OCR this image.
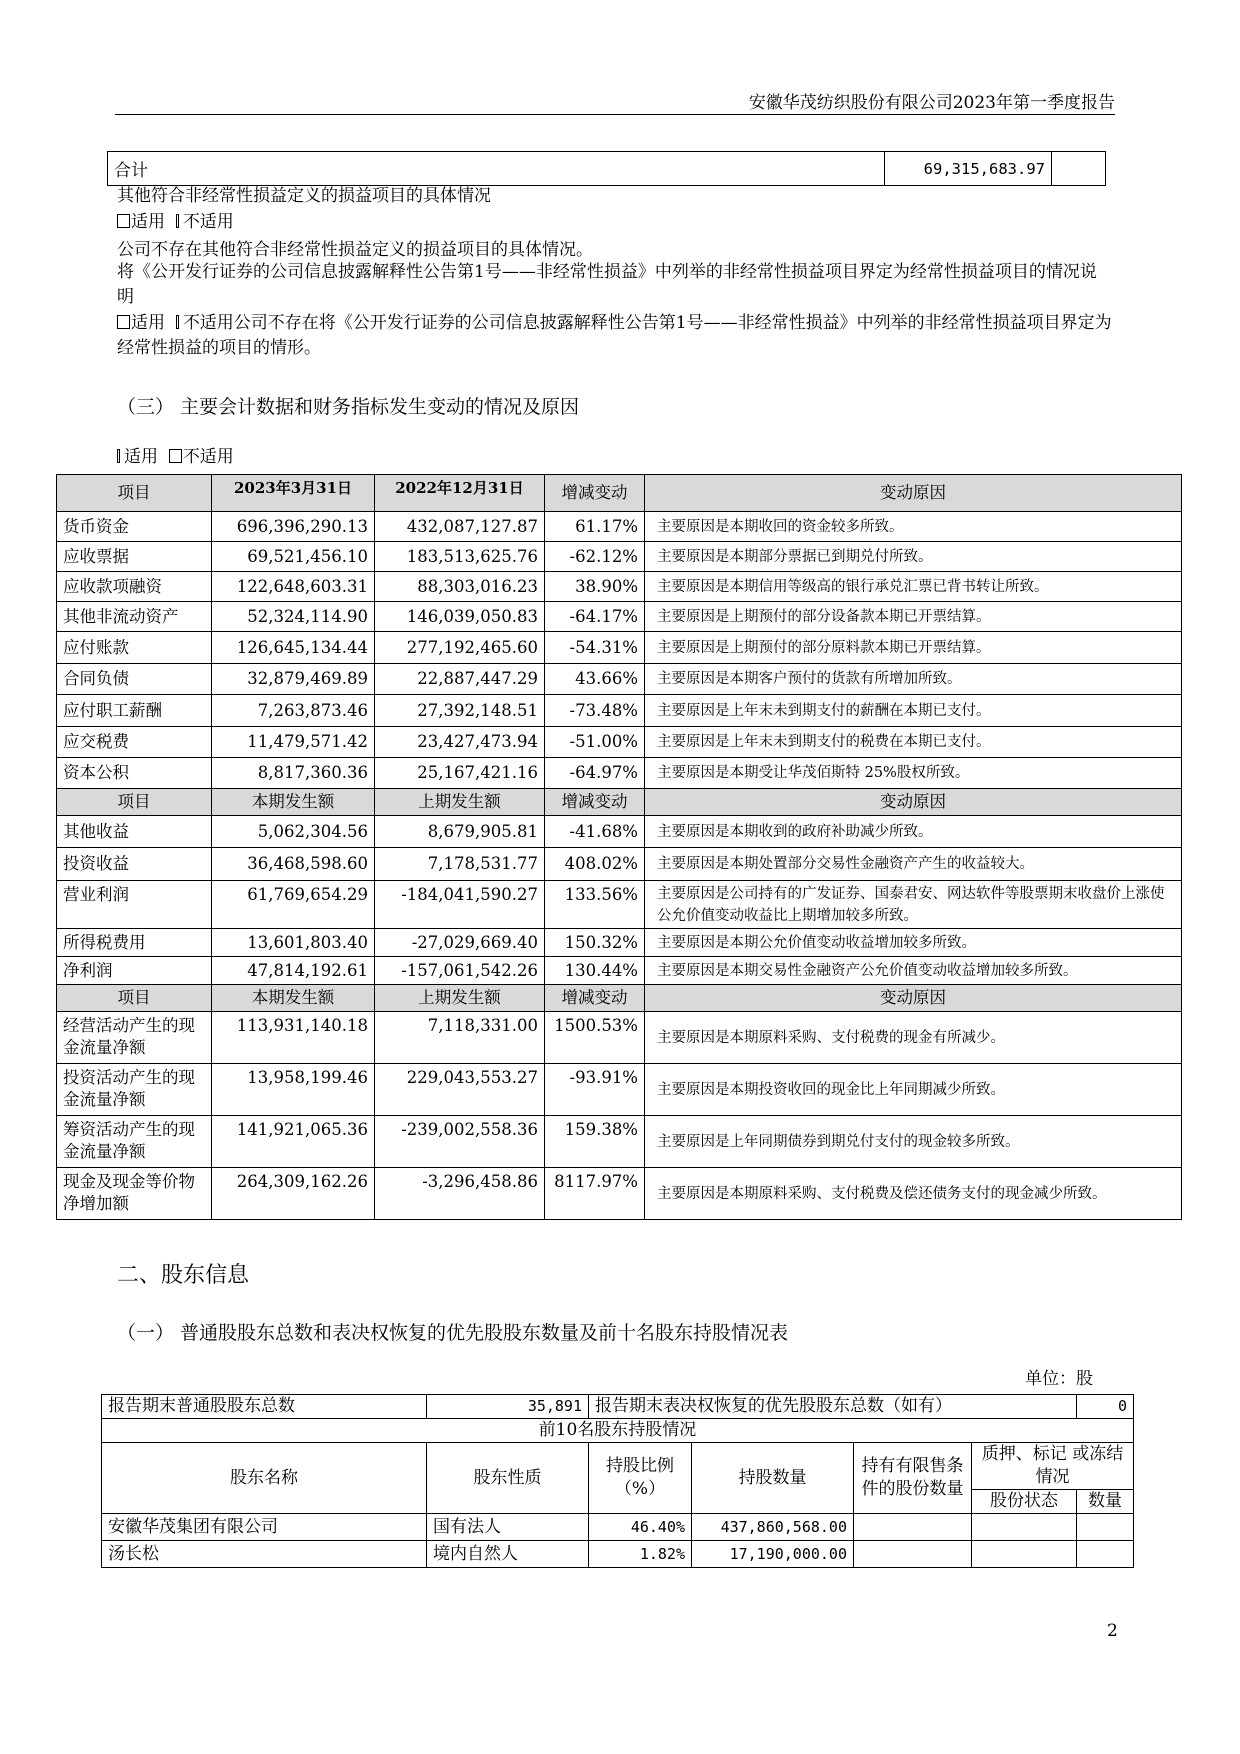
安徽华茂纺织股份有限公司2023年第一季度报告
合计	69,315,683.97	
其他符合非经常性损益定义的损益项目的具体情况
适用 不适用
公司不存在其他符合非经常性损益定义的损益项目的具体情况。
将《公开发行证券的公司信息披露解释性公告第1号——非经常性损益》中列举的非经常性损益项目界定为经常性损益项目的情况说明
适用 不适用公司不存在将《公开发行证券的公司信息披露解释性公告第1号——非经常性损益》中列举的非经常性损益项目界定为经常性损益的项目的情形。
（三） 主要会计数据和财务指标发生变动的情况及原因
适用 不适用
项目	2023年3月31日	2022年12月31日	增减变动	变动原因
货币资金	696,396,290.13	432,087,127.87	61.17%	主要原因是本期收回的资金较多所致。
应收票据	69,521,456.10	183,513,625.76	-62.12%	主要原因是本期部分票据已到期兑付所致。
应收款项融资	122,648,603.31	88,303,016.23	38.90%	主要原因是本期信用等级高的银行承兑汇票已背书转让所致。
其他非流动资产	52,324,114.90	146,039,050.83	-64.17%	主要原因是上期预付的部分设备款本期已开票结算。
应付账款	126,645,134.44	277,192,465.60	-54.31%	主要原因是上期预付的部分原料款本期已开票结算。
合同负债	32,879,469.89	22,887,447.29	43.66%	主要原因是本期客户预付的货款有所增加所致。
应付职工薪酬	7,263,873.46	27,392,148.51	-73.48%	主要原因是上年末未到期支付的薪酬在本期已支付。
应交税费	11,479,571.42	23,427,473.94	-51.00%	主要原因是上年末未到期支付的税费在本期已支付。
资本公积	8,817,360.36	25,167,421.16	-64.97%	主要原因是本期受让华茂佰斯特 25%股权所致。
项目	本期发生额	上期发生额	增减变动	变动原因
其他收益	5,062,304.56	8,679,905.81	-41.68%	主要原因是本期收到的政府补助减少所致。
投资收益	36,468,598.60	7,178,531.77	408.02%	主要原因是本期处置部分交易性金融资产产生的收益较大。
营业利润	61,769,654.29	-184,041,590.27	133.56%	主要原因是公司持有的广发证券、国泰君安、网达软件等股票期末收盘价上涨使公允价值变动收益比上期增加较多所致。
所得税费用	13,601,803.40	-27,029,669.40	150.32%	主要原因是本期公允价值变动收益增加较多所致。
净利润	47,814,192.61	-157,061,542.26	130.44%	主要原因是本期交易性金融资产公允价值变动收益增加较多所致。
项目	本期发生额	上期发生额	增减变动	变动原因
经营活动产生的现金流量净额	113,931,140.18	7,118,331.00	1500.53%	主要原因是本期原料采购、支付税费的现金有所减少。
投资活动产生的现金流量净额	13,958,199.46	229,043,553.27	-93.91%	主要原因是本期投资收回的现金比上年同期减少所致。
筹资活动产生的现金流量净额	141,921,065.36	-239,002,558.36	159.38%	主要原因是上年同期债券到期兑付支付的现金较多所致。
现金及现金等价物净增加额	264,309,162.26	-3,296,458.86	8117.97%	主要原因是本期原料采购、支付税费及偿还债务支付的现金减少所致。
二、股东信息
（一） 普通股股东总数和表决权恢复的优先股股东数量及前十名股东持股情况表
单位：股
报告期末普通股股东总数	35,891	报告期末表决权恢复的优先股股东总数（如有）				0
前10名股东持股情况						
股东名称	股东性质	持股比例（%）	持股数量	持有有限售条件的股份数量	质押、标记 或冻结情况	
					股份状态	数量
安徽华茂集团有限公司	国有法人	46.40%	437,860,568.00			
汤长松	境内自然人	1.82%	17,190,000.00			
2
